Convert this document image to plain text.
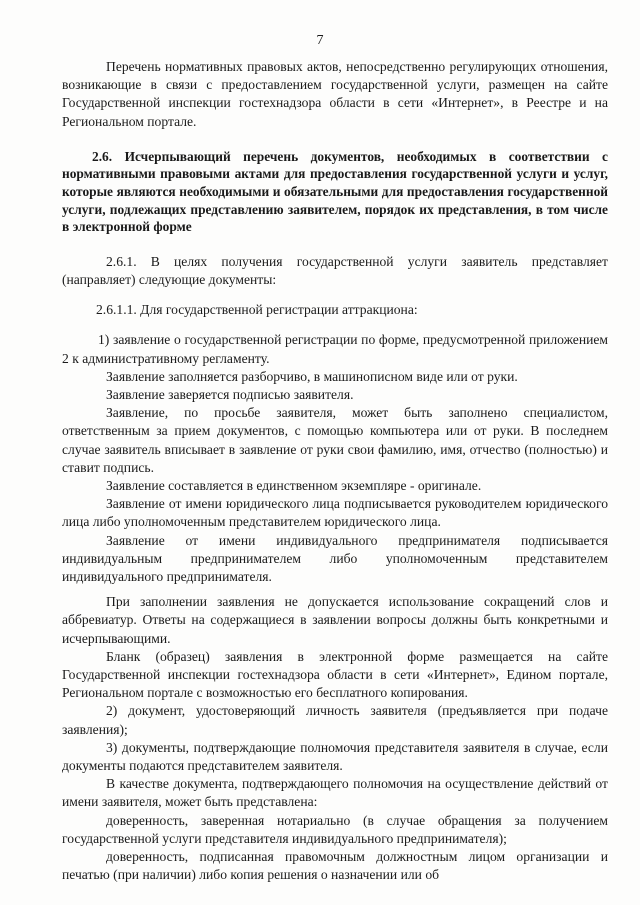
7

Перечень нормативных правовых актов, непосредственно регулирующих отношения, возникающие в связи с предоставлением государственной услуги, размещен на сайте Государственной инспекции гостехнадзора области в сети «Интернет», в Реестре и на Региональном портале.

2.6. Исчерпывающий перечень документов, необходимых в соответствии с нормативными правовыми актами для предоставления государственной услуги и услуг, которые являются необходимыми и обязательными для предоставления государственной услуги, подлежащих представлению заявителем, порядок их представления, в том числе в электронной форме

2.6.1. В целях получения государственной услуги заявитель представляет (направляет) следующие документы:

2.6.1.1. Для государственной регистрации аттракциона:

1) заявление о государственной регистрации по форме, предусмотренной приложением 2 к административному регламенту.

Заявление заполняется разборчиво, в машинописном виде или от руки.

Заявление заверяется подписью заявителя.

Заявление, по просьбе заявителя, может быть заполнено специалистом, ответственным за прием документов, с помощью компьютера или от руки. В последнем случае заявитель вписывает в заявление от руки свои фамилию, имя, отчество (полностью) и ставит подпись.

Заявление составляется в единственном экземпляре - оригинале.

Заявление от имени юридического лица подписывается руководителем юридического лица либо уполномоченным представителем юридического лица.

Заявление от имени индивидуального предпринимателя подписывается индивидуальным предпринимателем либо уполномоченным представителем индивидуального предпринимателя.

При заполнении заявления не допускается использование сокращений слов и аббревиатур. Ответы на содержащиеся в заявлении вопросы должны быть конкретными и исчерпывающими.

Бланк (образец) заявления в электронной форме размещается на сайте Государственной инспекции гостехнадзора области в сети «Интернет», Едином портале, Региональном портале с возможностью его бесплатного копирования.

2) документ, удостоверяющий личность заявителя (предъявляется при подаче заявления);

3) документы, подтверждающие полномочия представителя заявителя в случае, если документы подаются представителем заявителя.

В качестве документа, подтверждающего полномочия на осуществление действий от имени заявителя, может быть представлена:

доверенность, заверенная нотариально (в случае обращения за получением государственной услуги представителя индивидуального предпринимателя);

доверенность, подписанная правомочным должностным лицом организации и печатью (при наличии) либо копия решения о назначении или об
